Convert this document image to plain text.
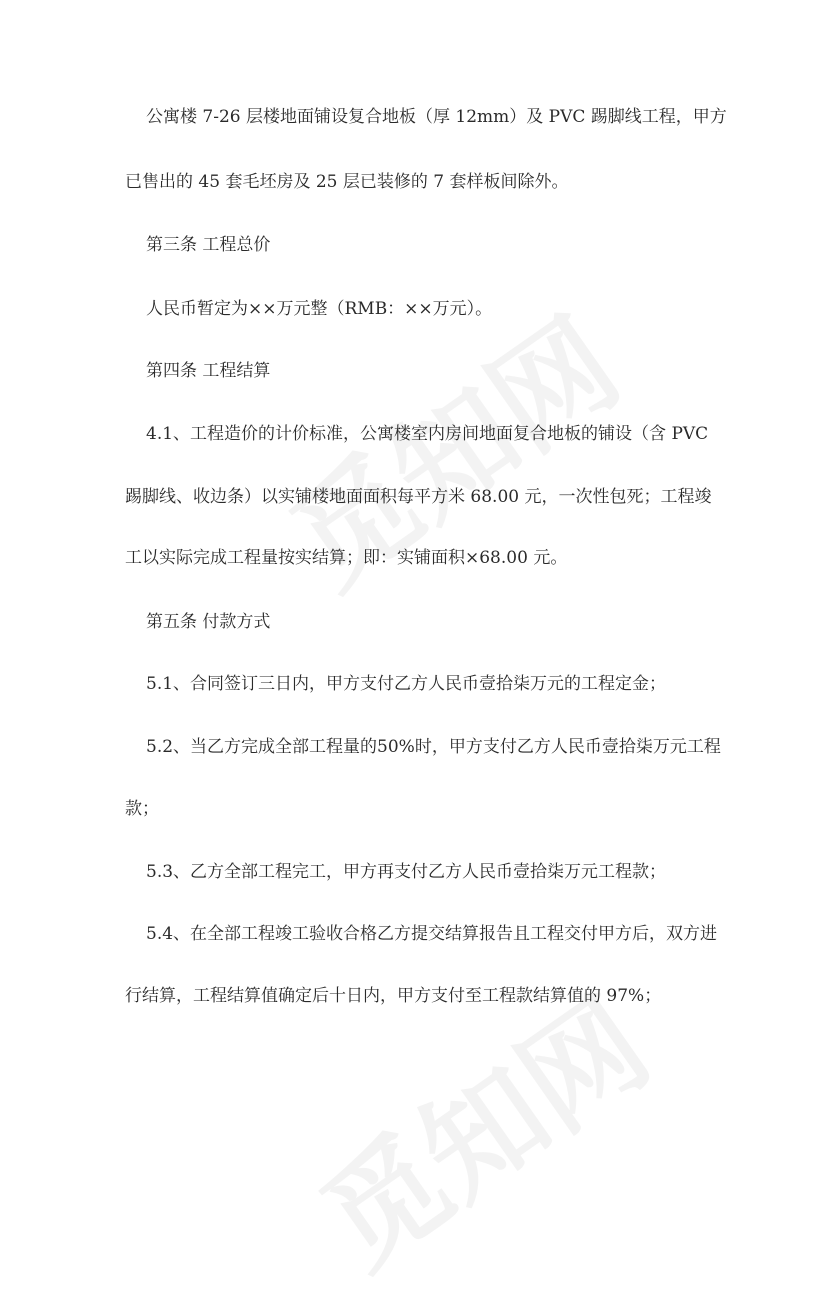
公寓楼 7-26 层楼地面铺设复合地板（厚 12mm）及 PVC 踢脚线工程，甲方
已售出的 45 套毛坯房及 25 层已装修的 7 套样板间除外。
第三条 工程总价
人民币暂定为××万元整（RMB：××万元）。
第四条 工程结算
4.1、工程造价的计价标准，公寓楼室内房间地面复合地板的铺设（含 PVC
踢脚线、收边条）以实铺楼地面面积每平方米 68.00 元，一次性包死；工程竣
工以实际完成工程量按实结算；即：实铺面积×68.00 元。
第五条 付款方式
5.1、合同签订三日内，甲方支付乙方人民币壹拾柒万元的工程定金；
5.2、当乙方完成全部工程量的50%时，甲方支付乙方人民币壹拾柒万元工程
款；
5.3、乙方全部工程完工，甲方再支付乙方人民币壹拾柒万元工程款；
5.4、在全部工程竣工验收合格乙方提交结算报告且工程交付甲方后，双方进
行结算，工程结算值确定后十日内，甲方支付至工程款结算值的 97%；
